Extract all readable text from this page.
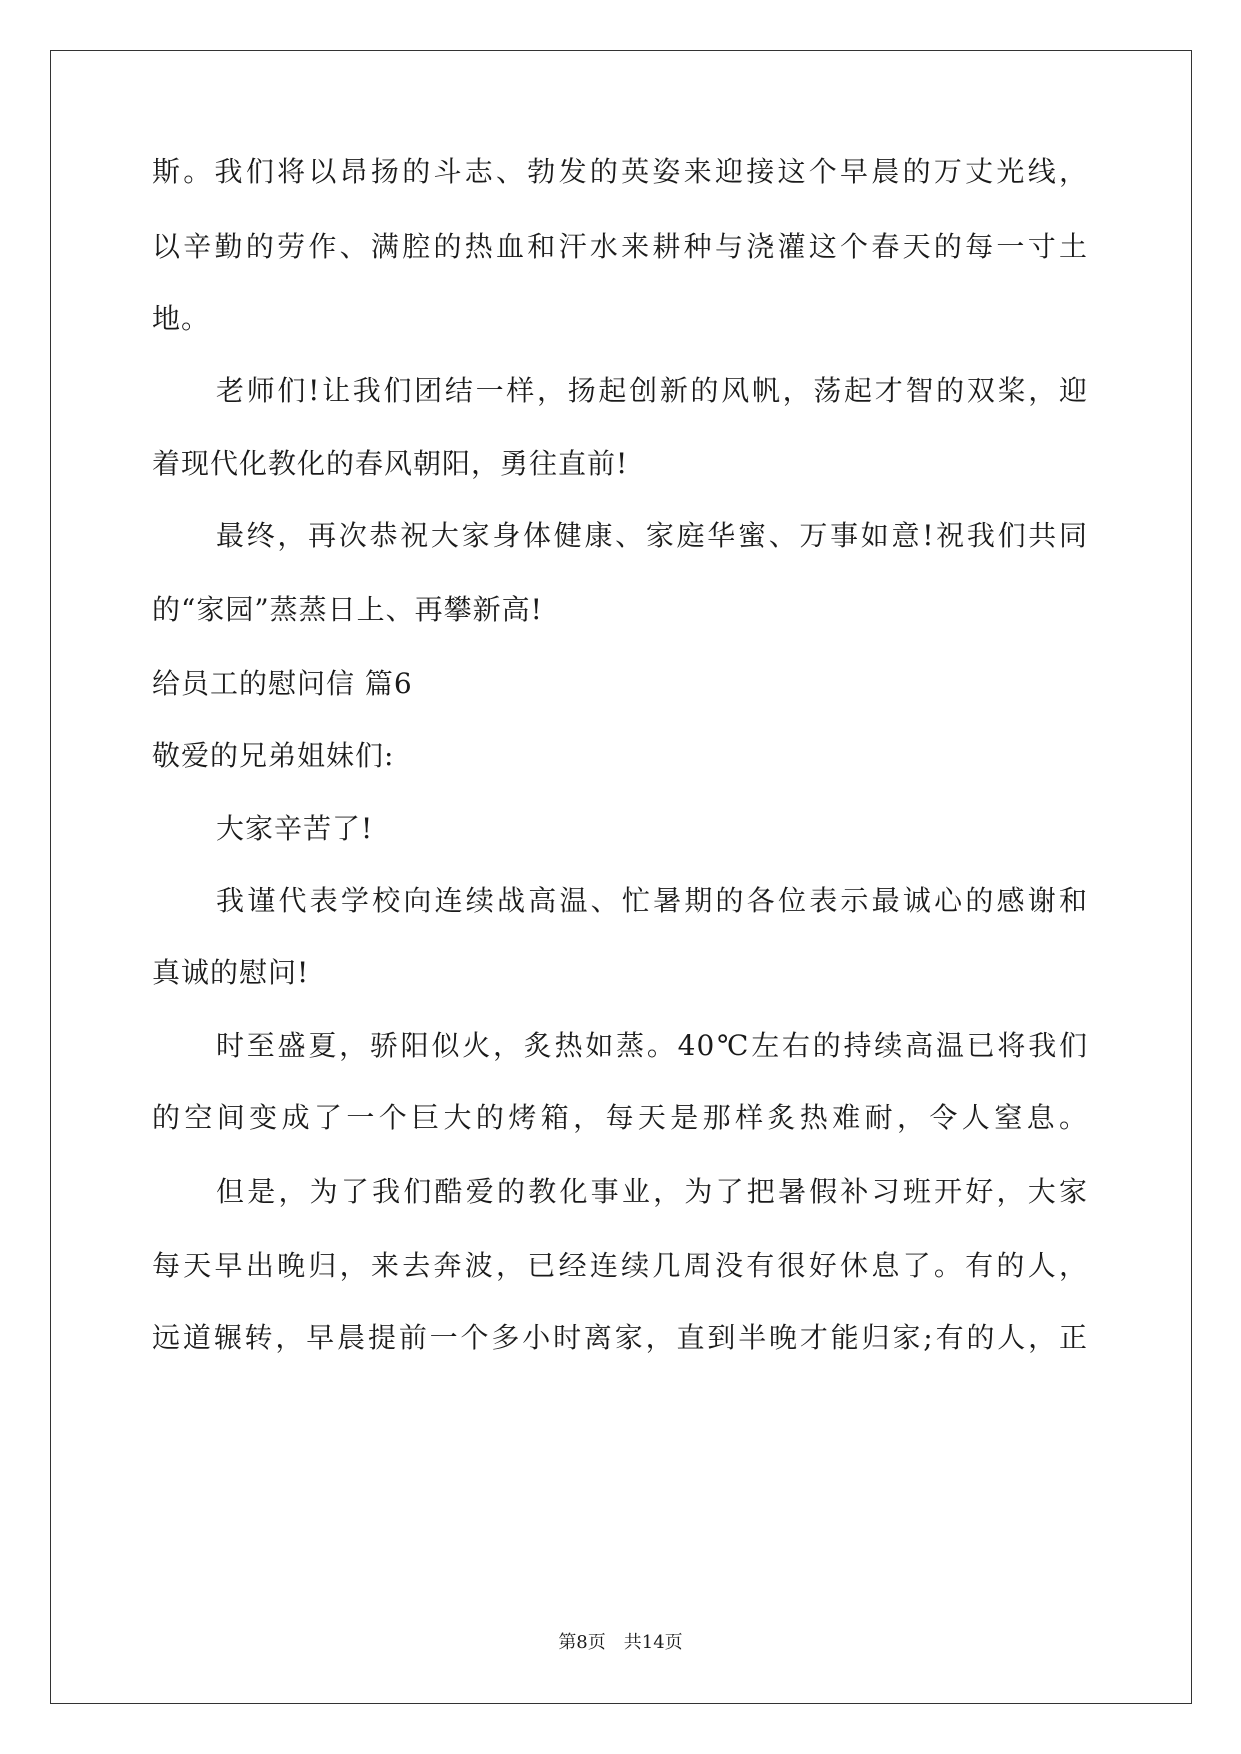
斯。我们将以昂扬的斗志、勃发的英姿来迎接这个早晨的万丈光线，
以辛勤的劳作、满腔的热血和汗水来耕种与浇灌这个春天的每一寸土
地。
老师们!让我们团结一样，扬起创新的风帆，荡起才智的双桨，迎
着现代化教化的春风朝阳，勇往直前!
最终，再次恭祝大家身体健康、家庭华蜜、万事如意!祝我们共同
的“家园”蒸蒸日上、再攀新高!
给员工的慰问信 篇6
敬爱的兄弟姐妹们:
大家辛苦了!
我谨代表学校向连续战高温、忙暑期的各位表示最诚心的感谢和
真诚的慰问!
时至盛夏，骄阳似火，炙热如蒸。40℃左右的持续高温已将我们
的空间变成了一个巨大的烤箱，每天是那样炙热难耐，令人窒息。
但是，为了我们酷爱的教化事业，为了把暑假补习班开好，大家
每天早出晚归，来去奔波，已经连续几周没有很好休息了。有的人，
远道辗转，早晨提前一个多小时离家，直到半晚才能归家;有的人，正
第8页　共14页
